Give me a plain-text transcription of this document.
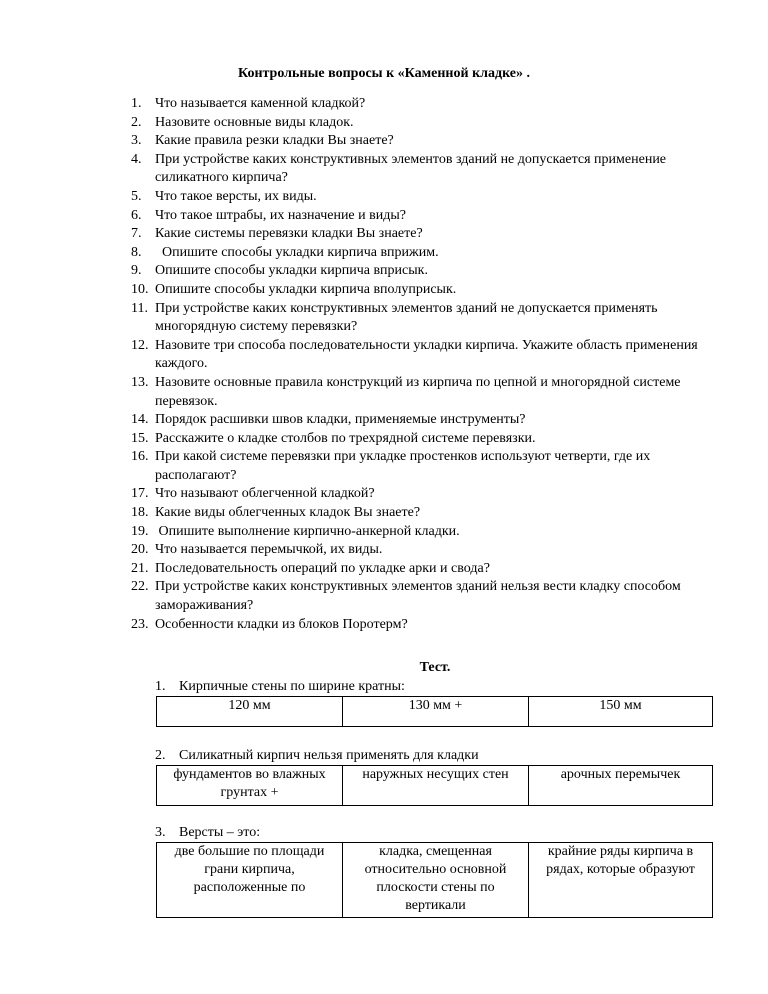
Контрольные вопросы к «Каменной кладке» .
1. Что называется каменной кладкой?
2. Назовите основные виды кладок.
3. Какие правила резки кладки Вы знаете?
4. При устройстве каких конструктивных элементов зданий не допускается применение силикатного кирпича?
5. Что такое версты, их виды.
6. Что такое штрабы, их назначение и виды?
7. Какие системы перевязки кладки Вы знаете?
8. Опишите способы укладки кирпича вприжим.
9. Опишите способы укладки кирпича вприсык.
10. Опишите способы укладки кирпича вполуприсык.
11. При устройстве каких конструктивных элементов зданий не допускается применять многорядную систему перевязки?
12. Назовите три способа последовательности укладки кирпича. Укажите область применения каждого.
13. Назовите основные правила конструкций из кирпича по цепной и многорядной системе перевязок.
14. Порядок расшивки швов кладки, применяемые инструменты?
15. Расскажите о кладке столбов по трехрядной системе перевязки.
16. При какой системе перевязки при укладке простенков используют четверти, где их располагают?
17. Что называют облегченной кладкой?
18. Какие виды облегченных кладок Вы знаете?
19. Опишите выполнение кирпично-анкерной кладки.
20. Что называется перемычкой, их виды.
21. Последовательность операций по укладке арки и свода?
22. При устройстве каких конструктивных элементов зданий нельзя вести кладку способом замораживания?
23. Особенности кладки из блоков Поротерм?
Тест.
1. Кирпичные стены по ширине кратны:
120 мм	130 мм +	150 мм
2. Силикатный кирпич нельзя применять для кладки
фундаментов во влажных грунтах +	наружных несущих стен	арочных перемычек
3. Версты – это:
две большие по площади грани кирпича, расположенные по	кладка, смещенная относительно основной плоскости стены по вертикали	крайние ряды кирпича в рядах, которые образуют
